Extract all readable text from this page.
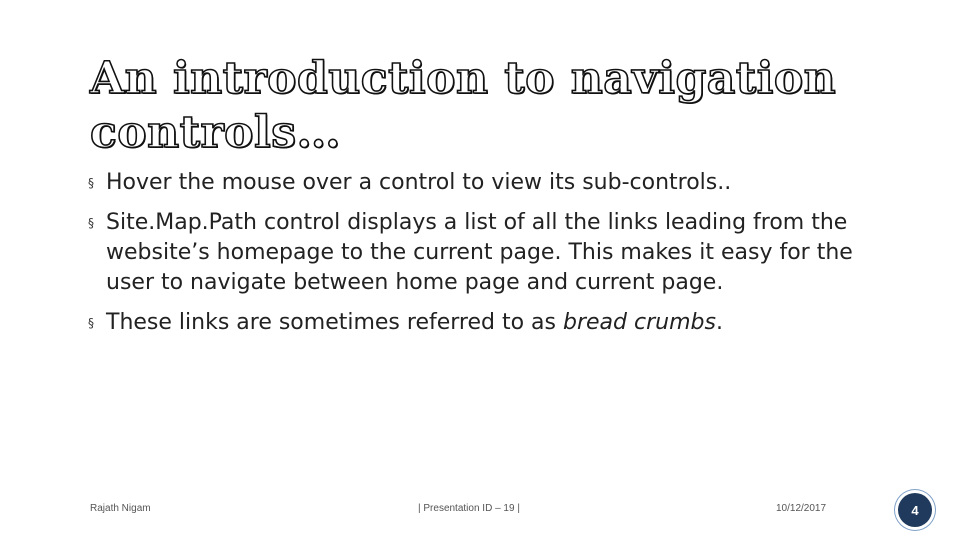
An introduction to navigation controls…
§ Hover the mouse over a control to view its sub-controls..
§ Site.Map.Path control displays a list of all the links leading from the website’s homepage to the current page. This makes it easy for the user to navigate between home page and current page.
§ These links are sometimes referred to as bread crumbs.
Rajath Nigam	| Presentation ID – 19 |	10/12/2017	4
